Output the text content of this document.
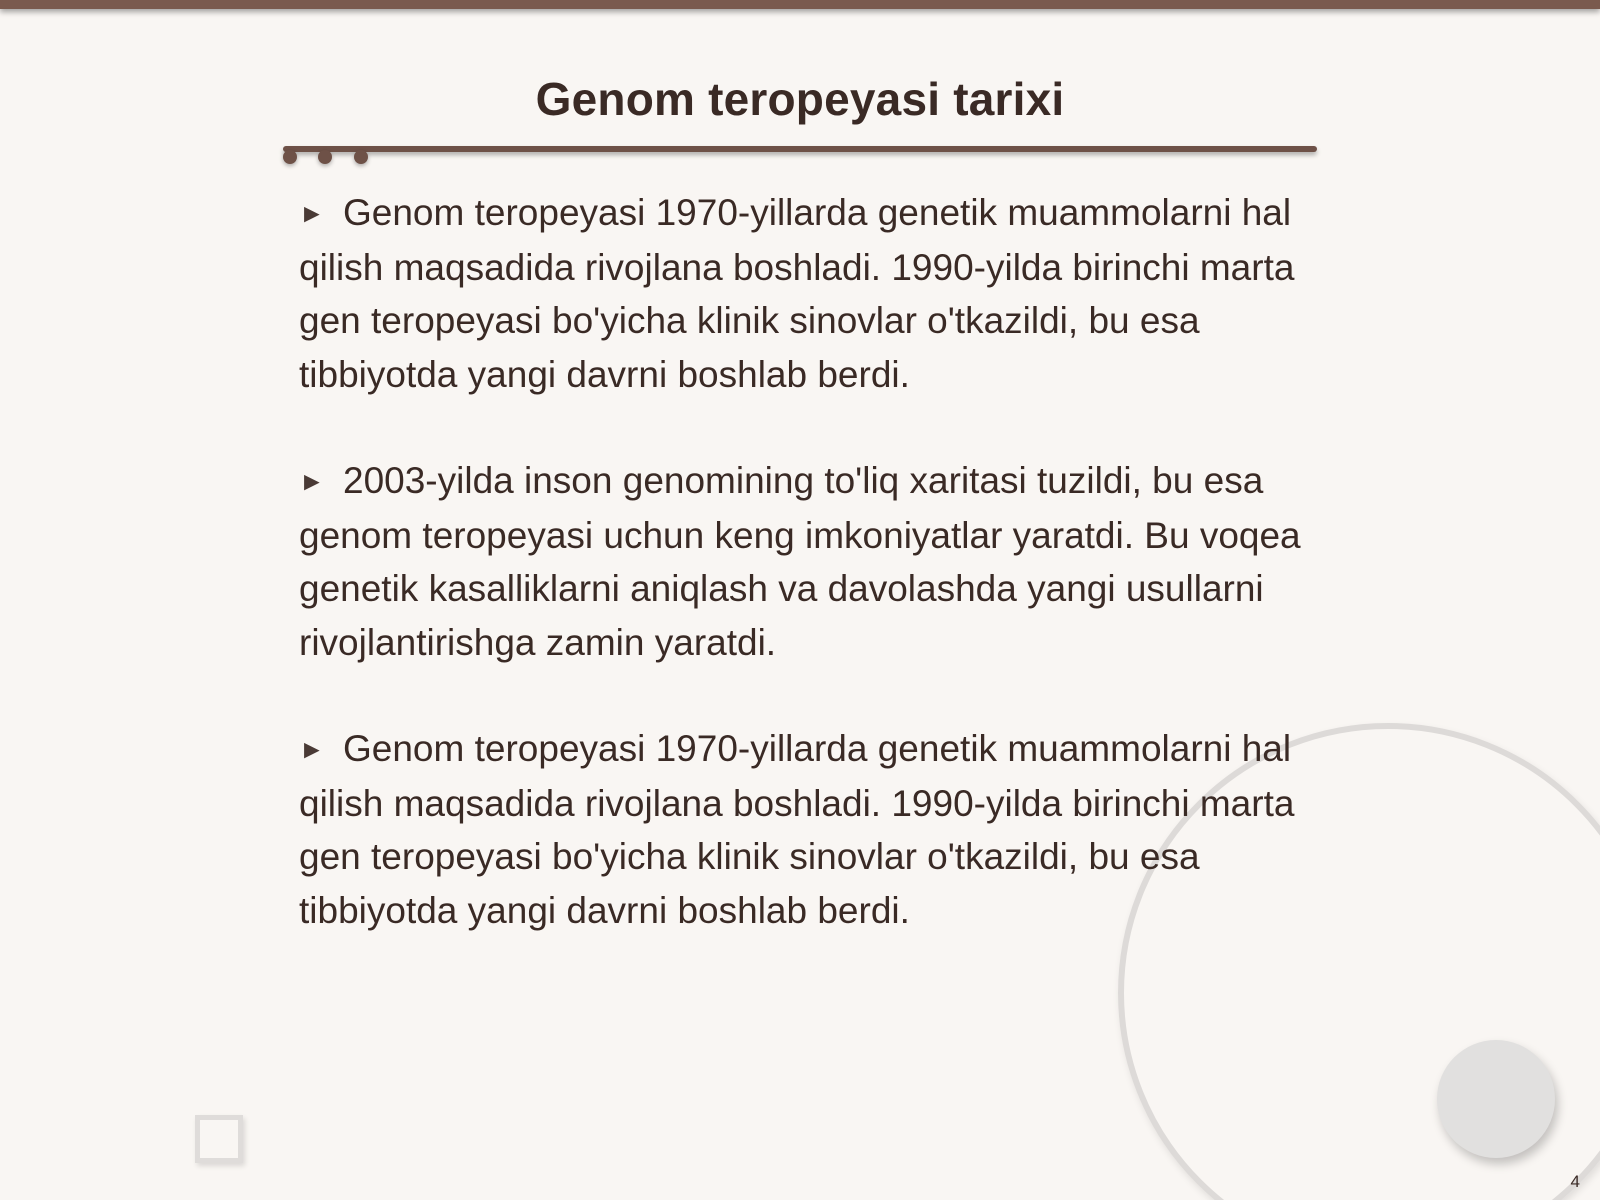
Genom teropeyasi tarixi

► Genom teropeyasi 1970-yillarda genetik muammolarni hal qilish maqsadida rivojlana boshladi. 1990-yilda birinchi marta gen teropeyasi bo'yicha klinik sinovlar o'tkazildi, bu esa tibbiyotda yangi davrni boshlab berdi.

► 2003-yilda inson genomining to'liq xaritasi tuzildi, bu esa genom teropeyasi uchun keng imkoniyatlar yaratdi. Bu voqea genetik kasalliklarni aniqlash va davolashda yangi usullarni rivojlantirishga zamin yaratdi.

► Genom teropeyasi 1970-yillarda genetik muammolarni hal qilish maqsadida rivojlana boshladi. 1990-yilda birinchi marta gen teropeyasi bo'yicha klinik sinovlar o'tkazildi, bu esa tibbiyotda yangi davrni boshlab berdi.

4
